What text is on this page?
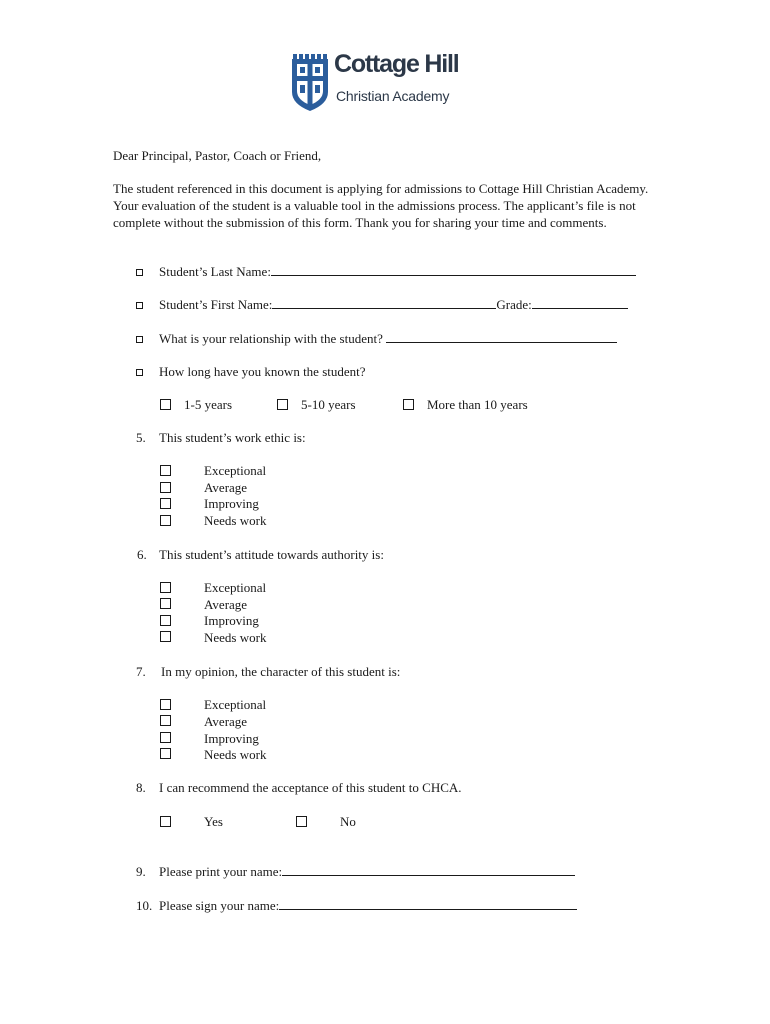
Cottage Hill
Christian Academy
Dear Principal, Pastor, Coach or Friend,
The student referenced in this document is applying for admissions to Cottage Hill Christian Academy. Your evaluation of the student is a valuable tool in the admissions process. The applicant’s file is not complete without the submission of this form. Thank you for sharing your time and comments.
Student’s Last Name:
Student’s First Name:	Grade:
What is your relationship with the student?
How long have you known the student?
1-5 years	5-10 years	More than 10 years
5. This student’s work ethic is:
Exceptional
Average
Improving
Needs work
6. This student’s attitude towards authority is:
Exceptional
Average
Improving
Needs work
7. In my opinion, the character of this student is:
Exceptional
Average
Improving
Needs work
8. I can recommend the acceptance of this student to CHCA.
Yes	No
9. Please print your name:
10. Please sign your name:
